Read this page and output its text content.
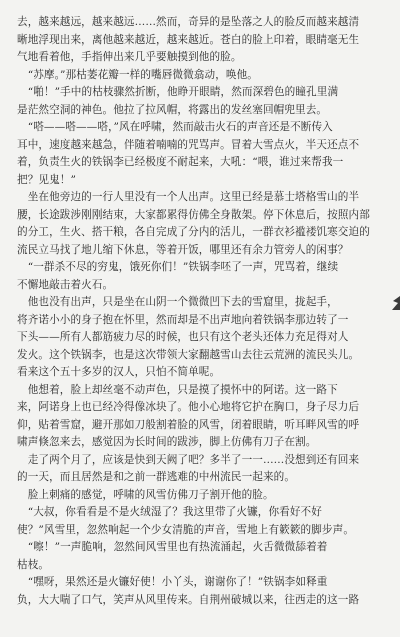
去，越来越远，越来越远……然而，奇异的是坠落之人的脸反而越来越清
晰地浮现出来，离他越来越近，越来越近。苍白的脸上印着，眼睛毫无生
气地看着他，手指伸出来几乎要触摸到他的脸。
　“苏摩。”那枯萎花瓣一样的嘴唇微微翕动，唤他。
　“啪！”手中的枯枝骤然折断，他睁开眼睛，然而深碧色的瞳孔里满
是茫然空洞的神色。他拉了拉风帽，将露出的发丝塞回帽兜里去。
　“嗒——嗒——嗒，”风在呼啸，然而敲击火石的声音还是不断传入
耳中，速度越来越急，伴随着喃喃的咒骂声。冒着大雪点火，半天还点不
着，负责生火的铁锅李已经极度不耐起来，大吼：“喂，谁过来帮我一
把？见鬼！”
　坐在他旁边的一行人里没有一个人出声。这里已经是慕士塔格雪山的半
腰，长途跋涉刚刚结束，大家都累得仿佛全身散架。停下休息后，按照内部
的分工，生火、搭干粮，各自完成了分内的活儿，一群衣衫褴褛饥寒交迫的
流民立马找了地儿缩下休息，等着开饭，哪里还有余力管旁人的闲事？
　“一群杀不尽的穷鬼，饿死你们！”铁锅李呸了一声，咒骂着，继续
不懈地敲击着火石。
　他也没有出声，只是坐在山阴一个微微凹下去的雪窟里，拢起手，
将齐诺小小的身子抱在怀里，然而却是不出声地向着铁锅李那边转了一
下头——所有人都筋疲力尽的时候，也只有这个老头还体力充足得对人
发火。这个铁锅李，也是这次带领大家翻越雪山去往云荒洲的流民头儿。
看来这个五十多岁的汉人，只怕不简单呢。
　他想着，脸上却丝毫不动声色，只是摸了摸怀中的阿诺。这一路下
来，阿诺身上也已经冷得像冰块了。他小心地将它护在胸口，身子尽力后
仰，贴着雪窟，避开那如刀般割着脸的风雪，闭着眼睛，听耳畔风雪的呼
啸声倏忽来去，感觉因为长时间的跋涉，脚上仿佛有刀子在割。
　走了两个月了，应该是快到天阙了吧？多半了一一……没想到还有回来
的一天，而且居然是和之前一群逃难的中州流民一起来的。
　脸上刺痛的感觉，呼啸的风雪仿佛刀子割开他的脸。
　“大叔，你看看是不是火绒湿了？我这里带了火镰，你看好不好
使？”风雪里，忽然响起一个少女清脆的声音，雪地上有簌簌的脚步声。
　“嚓！”一声脆响，忽然间风雪里也有热流涌起，火舌微微舔着着
枯枝。
　“嘿呀，果然还是火镰好使！小丫头，谢谢你了！”铁锅李如释重
负，大大喘了口气，笑声从风里传来。自荆州破城以来，往西走的这一路
